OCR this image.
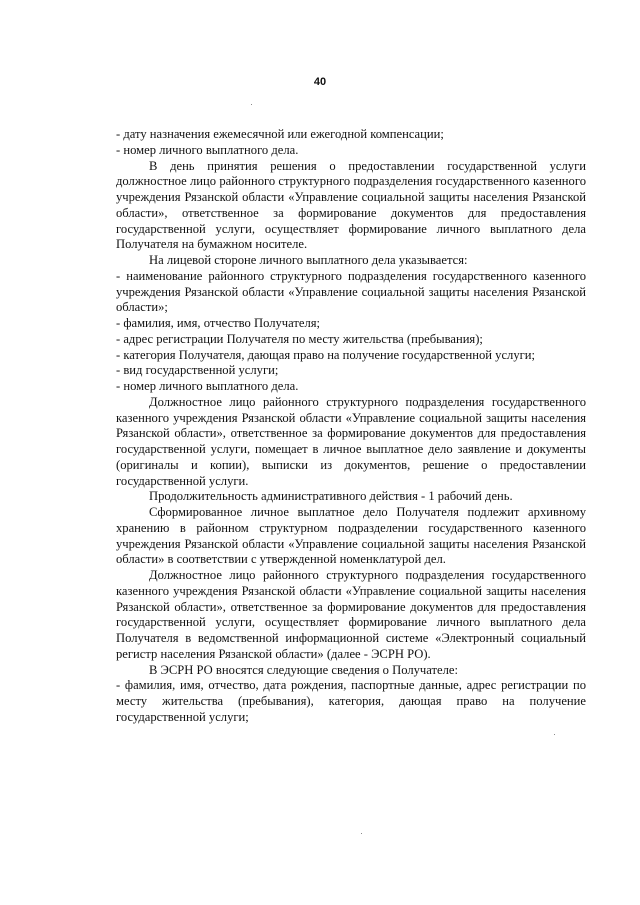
40

- дату назначения ежемесячной или ежегодной компенсации;

- номер личного выплатного дела.

В день принятия решения о предоставлении государственной услуги должностное лицо районного структурного подразделения государственного казенного учреждения Рязанской области «Управление социальной защиты населения Рязанской области», ответственное за формирование документов для предоставления государственной услуги, осуществляет формирование личного выплатного дела Получателя на бумажном носителе.

На лицевой стороне личного выплатного дела указывается:

- наименование районного структурного подразделения государственного казенного учреждения Рязанской области «Управление социальной защиты населения Рязанской области»;

- фамилия, имя, отчество Получателя;

- адрес регистрации Получателя по месту жительства (пребывания);

- категория Получателя, дающая право на получение государственной услуги;

- вид государственной услуги;

- номер личного выплатного дела.

Должностное лицо районного структурного подразделения государственного казенного учреждения Рязанской области «Управление социальной защиты населения Рязанской области», ответственное за формирование документов для предоставления государственной услуги, помещает в личное выплатное дело заявление и документы (оригиналы и копии), выписки из документов, решение о предоставлении государственной услуги.

Продолжительность административного действия - 1 рабочий день.

Сформированное личное выплатное дело Получателя подлежит архивному хранению в районном структурном подразделении государственного казенного учреждения Рязанской области «Управление социальной защиты населения Рязанской области» в соответствии с утвержденной номенклатурой дел.

Должностное лицо районного структурного подразделения государственного казенного учреждения Рязанской области «Управление социальной защиты населения Рязанской области», ответственное за формирование документов для предоставления государственной услуги, осуществляет формирование личного выплатного дела Получателя в ведомственной информационной системе «Электронный социальный регистр населения Рязанской области» (далее - ЭСРН РО).

В ЭСРН РО вносятся следующие сведения о Получателе:

- фамилия, имя, отчество, дата рождения, паспортные данные, адрес регистрации по месту жительства (пребывания), категория, дающая право на получение государственной услуги;

·
·
·
